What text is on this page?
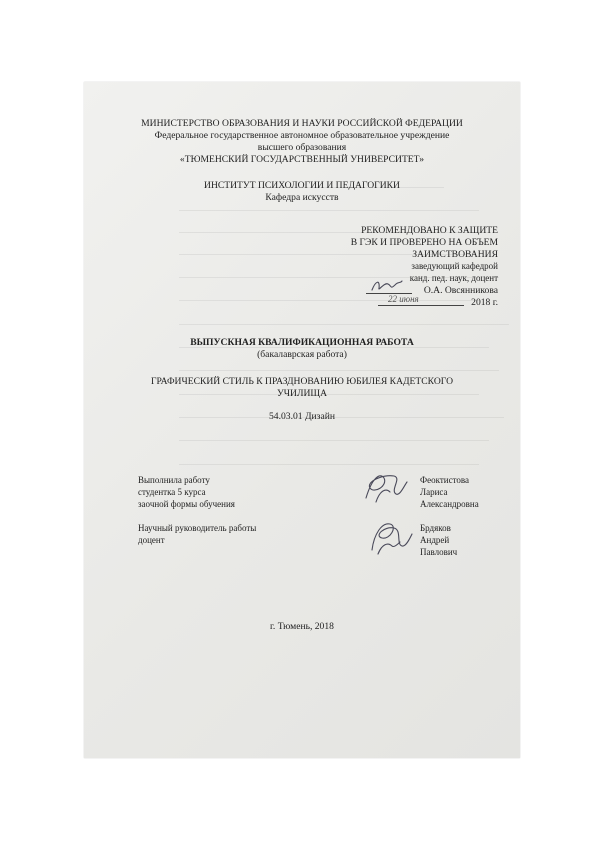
МИНИСТЕРСТВО ОБРАЗОВАНИЯ И НАУКИ РОССИЙСКОЙ ФЕДЕРАЦИИ
Федеральное государственное автономное образовательное учреждение
высшего образования
«ТЮМЕНСКИЙ ГОСУДАРСТВЕННЫЙ УНИВЕРСИТЕТ»
ИНСТИТУТ ПСИХОЛОГИИ И ПЕДАГОГИКИ
Кафедра искусств
РЕКОМЕНДОВАНО К ЗАЩИТЕ
В ГЭК И ПРОВЕРЕНО НА ОБЪЕМ
ЗАИМСТВОВАНИЯ
заведующий кафедрой
канд. пед. наук, доцент
О.А. Овсянникова
22 июня	2018 г.
ВЫПУСКНАЯ КВАЛИФИКАЦИОННАЯ РАБОТА
(бакалаврская работа)
ГРАФИЧЕСКИЙ СТИЛЬ К ПРАЗДНОВАНИЮ ЮБИЛЕЯ КАДЕТСКОГО
УЧИЛИЩА
54.03.01 Дизайн
Выполнила работу
студентка 5 курса
заочной формы обучения
Феоктистова
Лариса
Александровна
Научный руководитель работы
доцент
Брдяков
Андрей
Павлович
г. Тюмень, 2018
